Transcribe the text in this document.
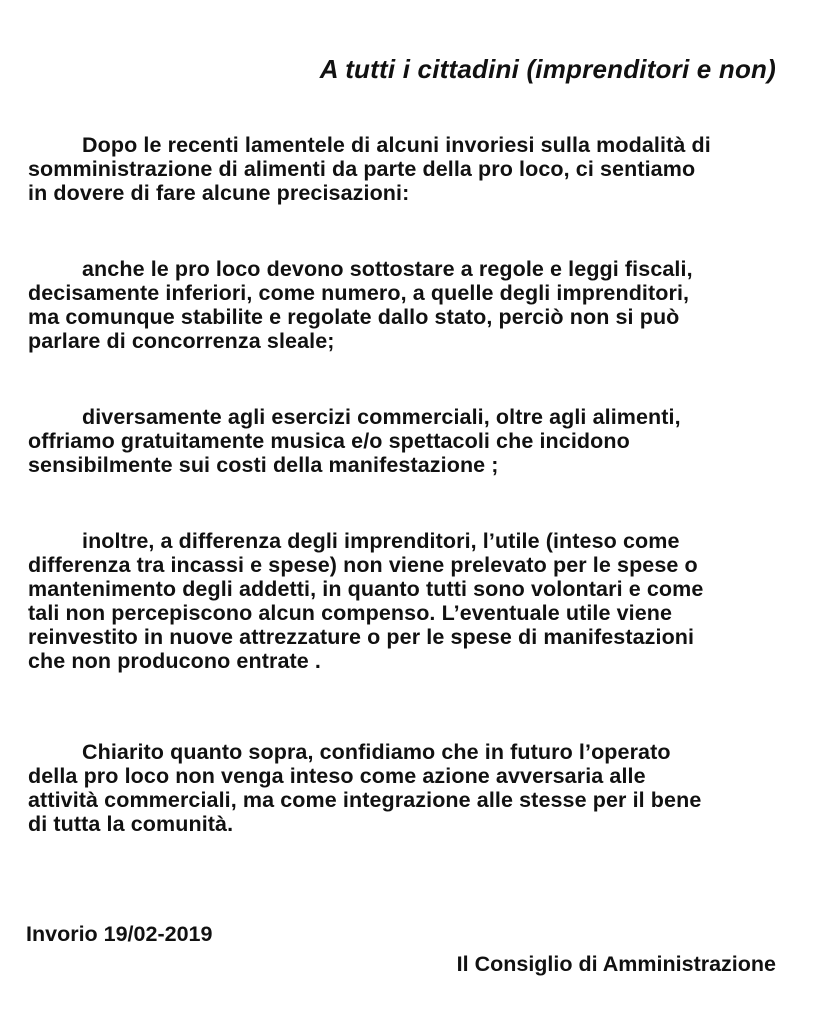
A tutti i cittadini (imprenditori e non)
Dopo le recenti lamentele di alcuni invoriesi sulla modalità di
somministrazione di alimenti da parte della pro loco, ci sentiamo
in dovere di fare alcune precisazioni:
anche le pro loco devono sottostare a regole e leggi fiscali,
decisamente inferiori, come numero, a quelle degli imprenditori,
ma comunque stabilite e regolate dallo stato, perciò non si può
parlare di concorrenza sleale;
diversamente agli esercizi commerciali, oltre agli alimenti,
offriamo gratuitamente musica e/o spettacoli che incidono
sensibilmente sui costi della manifestazione ;
inoltre, a differenza degli imprenditori, l’utile (inteso come
differenza tra incassi e spese) non viene prelevato per le spese o
mantenimento degli addetti, in quanto tutti sono volontari e come
tali non percepiscono alcun compenso. L’eventuale utile viene
reinvestito in nuove attrezzature o per le spese di manifestazioni
che non producono entrate .
Chiarito quanto sopra, confidiamo che in futuro l’operato
della pro loco non venga inteso come azione avversaria alle
attività commerciali, ma come integrazione alle stesse per il bene
di tutta la comunità.
Invorio 19/02-2019
Il Consiglio di Amministrazione
